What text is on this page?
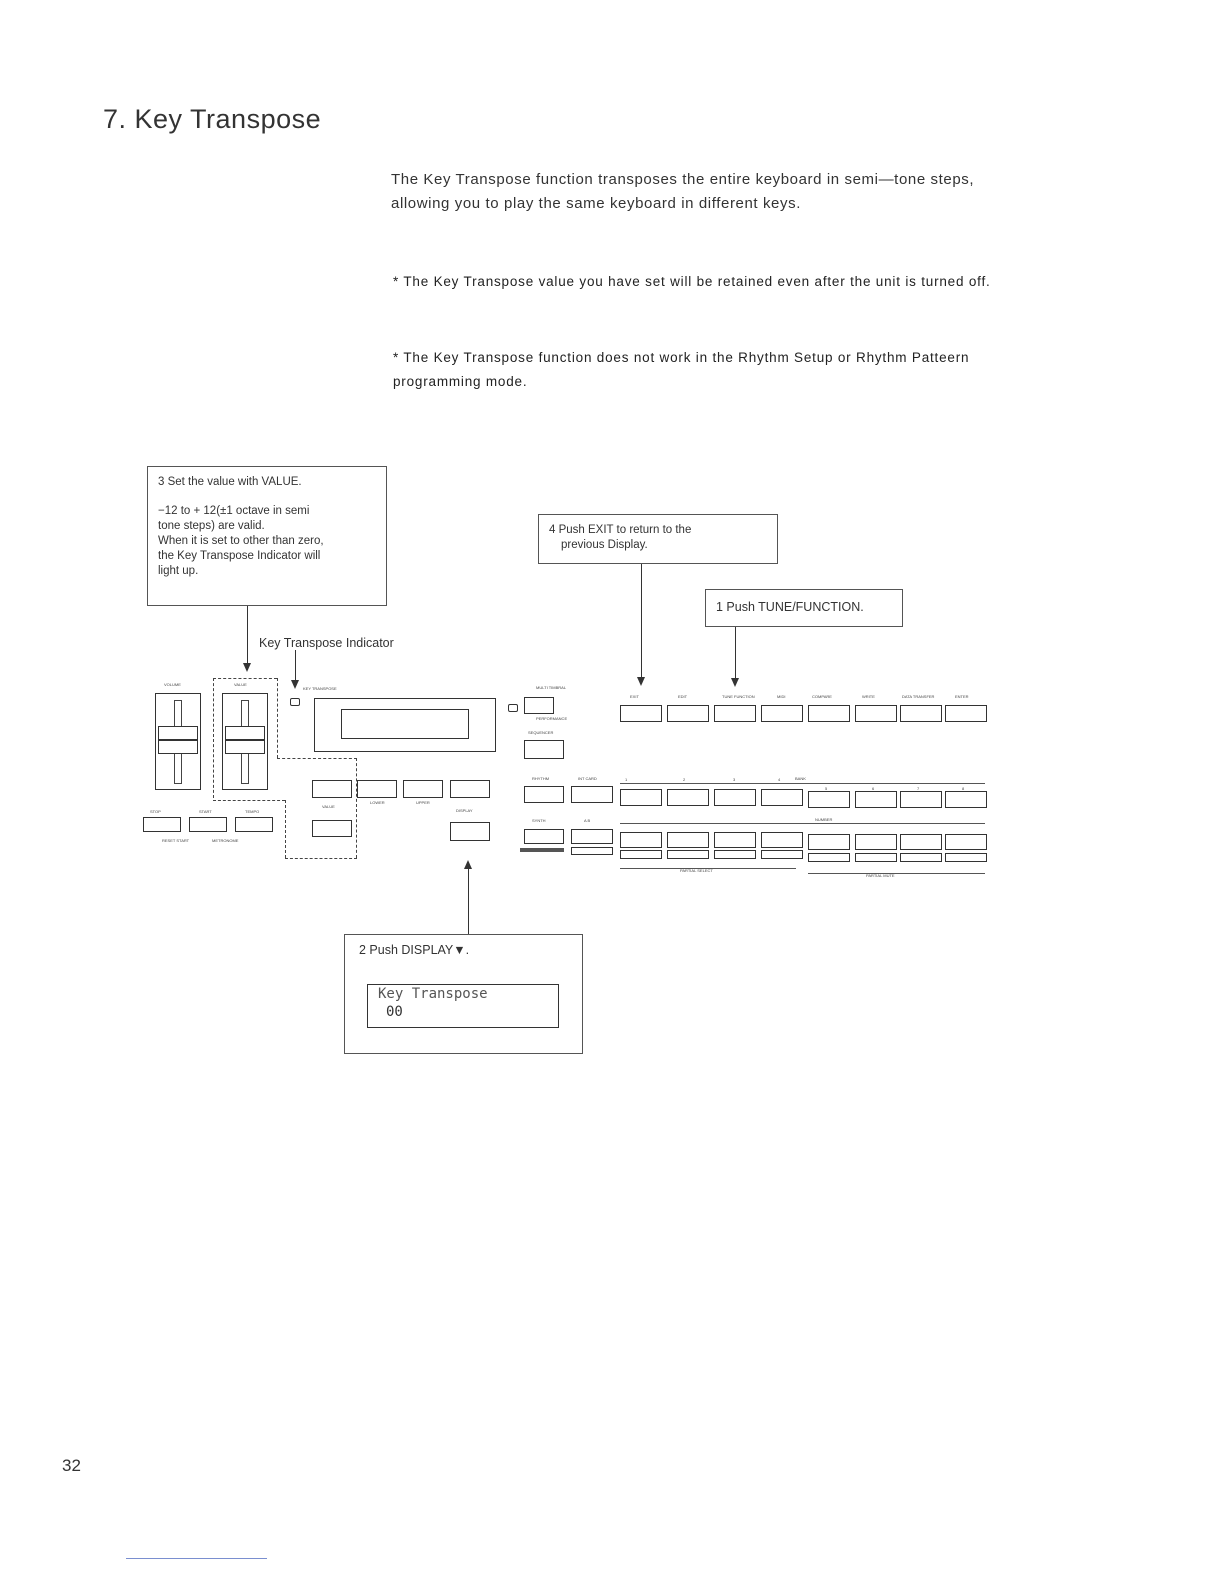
7. Key Transpose
The Key Transpose function transposes the entire keyboard in semi—tone steps, allowing you to play the same keyboard in different keys.
* The Key Transpose value you have set will be retained even after the unit is turned off.
* The Key Transpose function does not work in the Rhythm Setup or Rhythm Patteern programming mode.
3 Set the value with VALUE.
−12 to + 12(±1 octave in semi
tone steps) are valid.
When it is set to other than zero,
the Key Transpose Indicator will
light up.
4 Push EXIT to return to the
previous Display.
1 Push TUNE/FUNCTION.
Key Transpose Indicator
VOLUME	VALUE
KEY TRANSPOSE
STOP	START	TEMPO
RESET START	METRONOME
VALUE
LOWER	UPPER
DISPLAY
MULTI TIMBRAL
PERFORMANCE
SEQUENCER
EXIT	EDIT	TUNE FUNCTION	MIDI	COMPARE	WRITE	DATA TRANSFER	ENTER
RHYTHM	INT CARD	BANK
1	2	3	4
5	6	7	8
SYNTH	A B	NUMBER
PARTIAL SELECT
PARTIAL MUTE
2 Push DISPLAY▼.
Key Transpose
00
32
